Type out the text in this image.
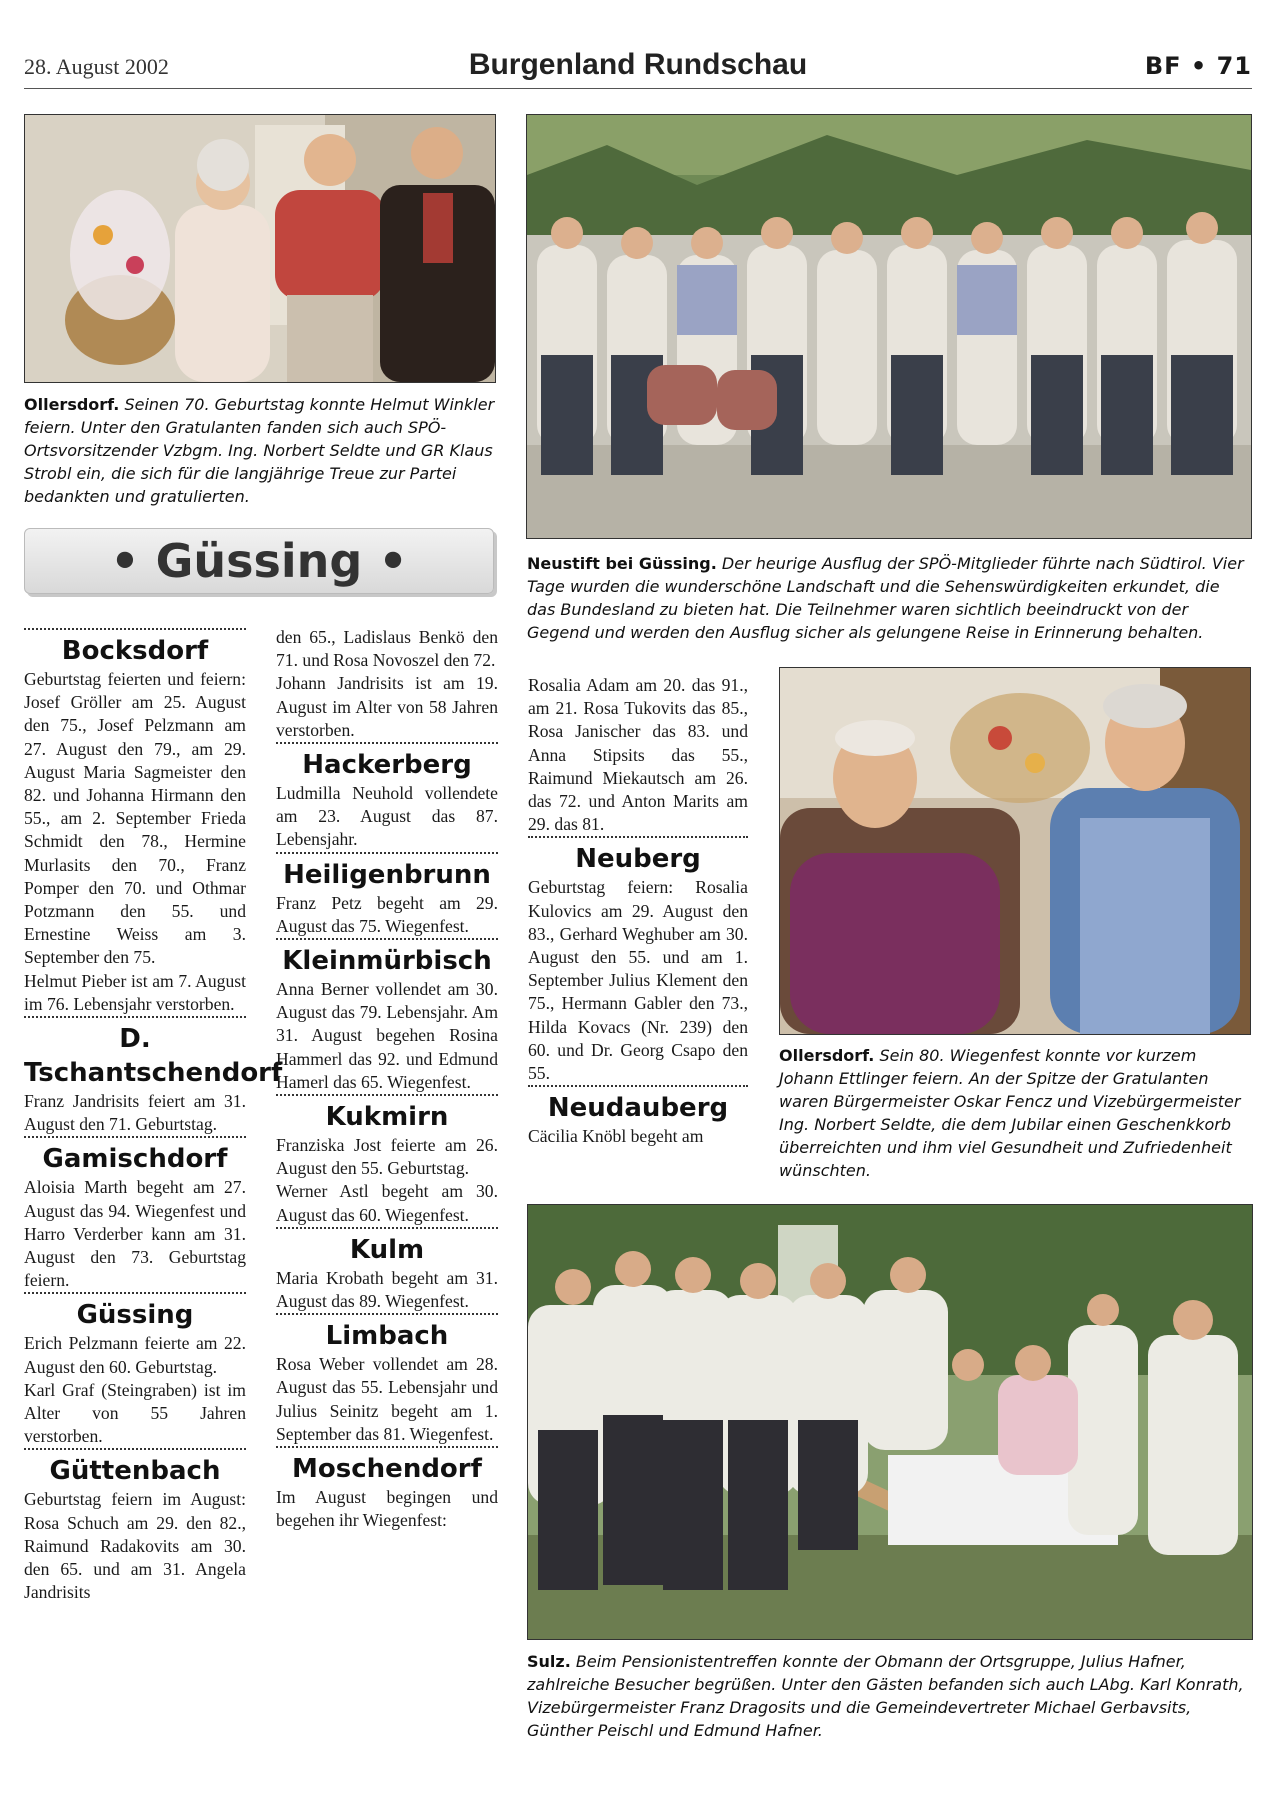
28. August 2002	Burgenland Rundschau	BF • 71
Ollersdorf. Seinen 70. Geburtstag konnte Helmut Winkler feiern. Unter den Gratulanten fanden sich auch SPÖ-Ortsvorsitzender Vzbgm. Ing. Norbert Seldte und GR Klaus Strobl ein, die sich für die langjährige Treue zur Partei bedankten und gratulierten.
Neustift bei Güssing. Der heurige Ausflug der SPÖ-Mitglieder führte nach Südtirol. Vier Tage wurden die wunderschöne Landschaft und die Sehenswürdigkeiten erkundet, die das Bundesland zu bieten hat. Die Teilnehmer waren sichtlich beeindruckt von der Gegend und werden den Ausflug sicher als gelungene Reise in Erinnerung behalten.
• Güssing •
Bocksdorf

Geburtstag feierten und feiern: Josef Gröller am 25. August den 75., Josef Pelzmann am 27. August den 79., am 29. August Maria Sagmeister den 82. und Johanna Hirmann den 55., am 2. September Frieda Schmidt den 78., Hermine Murlasits den 70., Franz Pomper den 70. und Othmar Potzmann den 55. und Ernestine Weiss am 3. September den 75.

Helmut Pieber ist am 7. August im 76. Lebensjahr verstorben.

D. Tschantschendorf

Franz Jandrisits feiert am 31. August den 71. Geburtstag.

Gamischdorf

Aloisia Marth begeht am 27. August das 94. Wiegenfest und Harro Verderber kann am 31. August den 73. Geburtstag feiern.

Güssing

Erich Pelzmann feierte am 22. August den 60. Geburtstag.

Karl Graf (Steingraben) ist im Alter von 55 Jahren verstorben.

Güttenbach

Geburtstag feiern im August: Rosa Schuch am 29. den 82., Raimund Radakovits am 30. den 65. und am 31. Angela Jandrisits

den 65., Ladislaus Benkö den 71. und Rosa Novoszel den 72.

Johann Jandrisits ist am 19. August im Alter von 58 Jahren verstorben.

Hackerberg

Ludmilla Neuhold vollendete am 23. August das 87. Lebensjahr.

Heiligenbrunn

Franz Petz begeht am 29. August das 75. Wiegenfest.

Kleinmürbisch

Anna Berner vollendet am 30. August das 79. Lebensjahr. Am 31. August begehen Rosina Hammerl das 92. und Edmund Hamerl das 65. Wiegenfest.

Kukmirn

Franziska Jost feierte am 26. August den 55. Geburtstag.

Werner Astl begeht am 30. August das 60. Wiegenfest.

Kulm

Maria Krobath begeht am 31. August das 89. Wiegenfest.

Limbach

Rosa Weber vollendet am 28. August das 55. Lebensjahr und Julius Seinitz begeht am 1. September das 81. Wiegenfest.

Moschendorf

Im August begingen und begehen ihr Wiegenfest:

Rosalia Adam am 20. das 91., am 21. Rosa Tukovits das 85., Rosa Janischer das 83. und Anna Stipsits das 55., Raimund Miekautsch am 26. das 72. und Anton Marits am 29. das 81.

Neuberg

Geburtstag feiern: Rosalia Kulovics am 29. August den 83., Gerhard Weghuber am 30. August den 55. und am 1. September Julius Klement den 75., Hermann Gabler den 73., Hilda Kovacs (Nr. 239) den 60. und Dr. Georg Csapo den 55.

Neudauberg

Cäcilia Knöbl begeht am

Ollersdorf. Sein 80. Wiegenfest konnte vor kurzem Johann Ettlinger feiern. An der Spitze der Gratulanten waren Bürgermeister Oskar Fencz und Vizebürgermeister Ing. Norbert Seldte, die dem Jubilar einen Geschenkkorb überreichten und ihm viel Gesundheit und Zufriedenheit wünschten.
Sulz. Beim Pensionistentreffen konnte der Obmann der Ortsgruppe, Julius Hafner, zahlreiche Besucher begrüßen. Unter den Gästen befanden sich auch LAbg. Karl Konrath, Vizebürgermeister Franz Dragosits und die Gemeindevertreter Michael Gerbavsits, Günther Peischl und Edmund Hafner.
